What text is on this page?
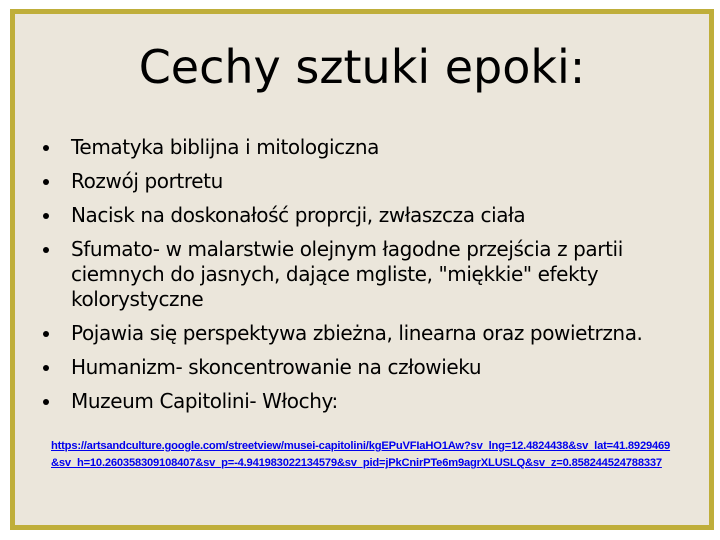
Cechy sztuki epoki:
Tematyka biblijna i mitologiczna
Rozwój portretu
Nacisk na doskonałość proprcji, zwłaszcza ciała
Sfumato- w malarstwie olejnym łagodne przejścia z partii ciemnych do jasnych, dające mgliste, "miękkie" efekty kolorystyczne
Pojawia się perspektywa zbieżna, linearna oraz powietrzna.
Humanizm- skoncentrowanie na człowieku
Muzeum Capitolini- Włochy:
https://artsandculture.google.com/streetview/musei-capitolini/kgEPuVFIaHO1Aw?sv_lng=12.4824438&sv_lat=41.8929469&sv_h=10.260358309108407&sv_p=-4.941983022134579&sv_pid=jPkCnirPTe6m9agrXLUSLQ&sv_z=0.858244524788337
